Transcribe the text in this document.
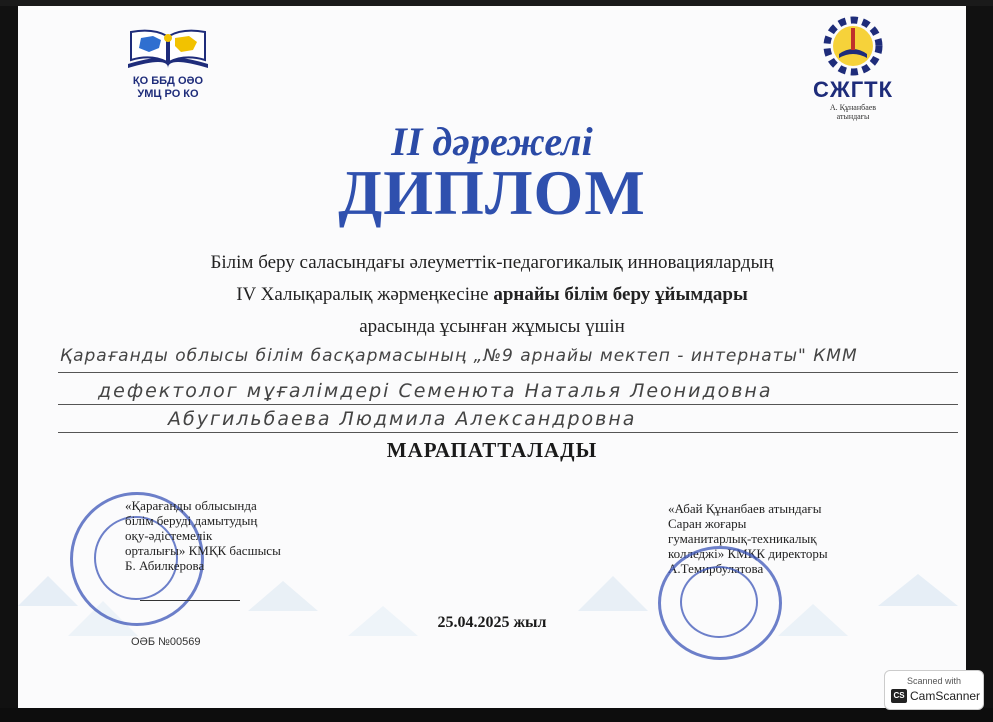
ҚО ББД ОӘО
УМЦ РО КО	СЖГТК
А. Құнанбаев
атындағы
II дәрежелі
ДИПЛОМ
Білім беру саласындағы әлеуметтік-педагогикалық инновациялардың
IV Халықаралық жәрмеңкесіне арнайы білім беру ұйымдары
арасында ұсынған жұмысы үшін
Қарағанды облысы білім басқармасының „№9 арнайы мектеп - интернаты" КММ
дефектолог мұғалімдері Семенюта Наталья Леонидовна
Абугильбаева Людмила Александровна
МАРАПАТТАЛАДЫ
«Қарағанды облысында
білім беруді дамытудың
оқу-әдістемелік
орталығы» КМҚК басшысы
Б. Абилкерова
«Абай Құнанбаев атындағы
Саран жоғары
гуманитарлық-техникалық
колледжі» КМҚК директоры
А.Темирбулатова
25.04.2025 жыл
ОӘБ №00569
Scanned with
CS CamScanner
